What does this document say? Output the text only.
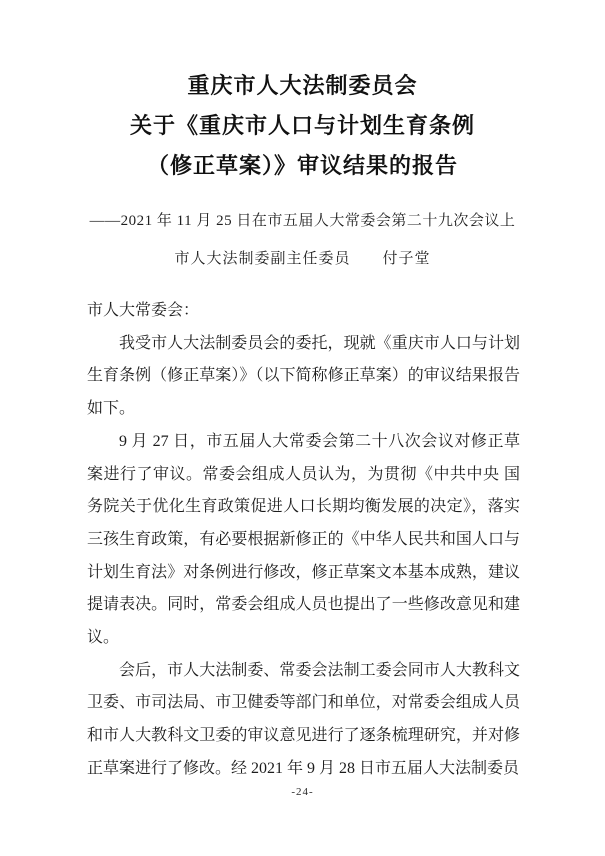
重庆市人大法制委员会
关于《重庆市人口与计划生育条例
（修正草案）》审议结果的报告
——2021 年 11 月 25 日在市五届人大常委会第二十九次会议上
市人大法制委副主任委员　　付子堂

市人大常委会：

我受市人大法制委员会的委托，现就《重庆市人口与计划生育条例（修正草案）》（以下简称修正草案）的审议结果报告如下。

9 月 27 日，市五届人大常委会第二十八次会议对修正草案进行了审议。常委会组成人员认为，为贯彻《中共中央 国务院关于优化生育政策促进人口长期均衡发展的决定》，落实三孩生育政策，有必要根据新修正的《中华人民共和国人口与计划生育法》对条例进行修改，修正草案文本基本成熟，建议提请表决。同时，常委会组成人员也提出了一些修改意见和建议。

会后，市人大法制委、常委会法制工委会同市人大教科文卫委、市司法局、市卫健委等部门和单位，对常委会组成人员和市人大教科文卫委的审议意见进行了逐条梳理研究，并对修正草案进行了修改。经 2021 年 9 月 28 日市五届人大法制委员

-24-
